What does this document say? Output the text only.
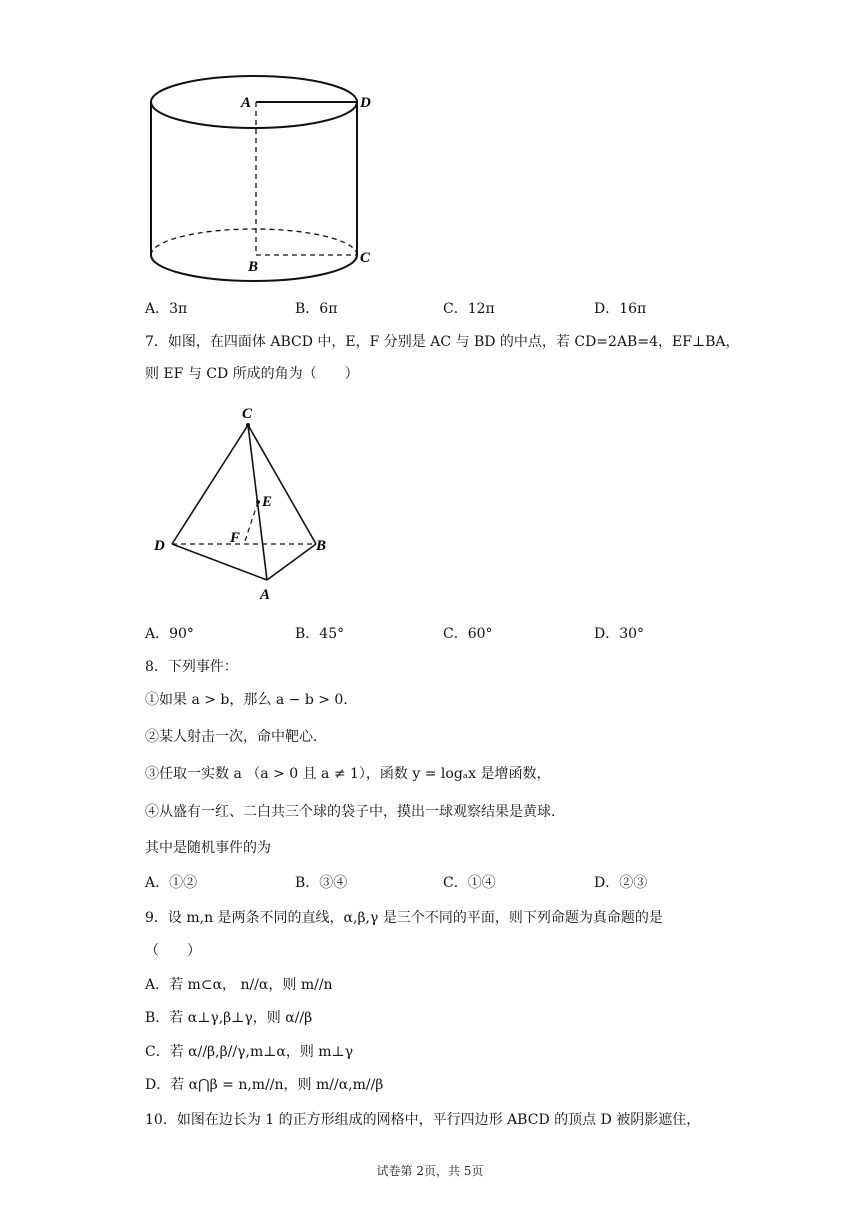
A	D
B
C
A．3π	B．6π	C．12π	D．16π
7．如图，在四面体 ABCD 中，E，F 分别是 AC 与 BD 的中点，若 CD=2AB=4，EF⊥BA，
则 EF 与 CD 所成的角为（　　）
C
E
D	F	B
A
A．90°	B．45°	C．60°	D．30°
8．下列事件：
①如果 a > b，那么 a − b > 0．
②某人射击一次，命中靶心．
③任取一实数 a （a > 0 且 a ≠ 1），函数 y = logₐx 是增函数，
④从盛有一红、二白共三个球的袋子中，摸出一球观察结果是黄球．
其中是随机事件的为
A．①②	B．③④	C．①④	D．②③
9．设 m,n 是两条不同的直线，α,β,γ 是三个不同的平面，则下列命题为真命题的是
（　　）
A．若 m⊂α， n//α，则 m//n
B．若 α⊥γ,β⊥γ，则 α//β
C．若 α//β,β//γ,m⊥α，则 m⊥γ
D．若 α⋂β = n,m//n，则 m//α,m//β
10．如图在边长为 1 的正方形组成的网格中，平行四边形 ABCD 的顶点 D 被阴影遮住，
试卷第 2页，共 5页
